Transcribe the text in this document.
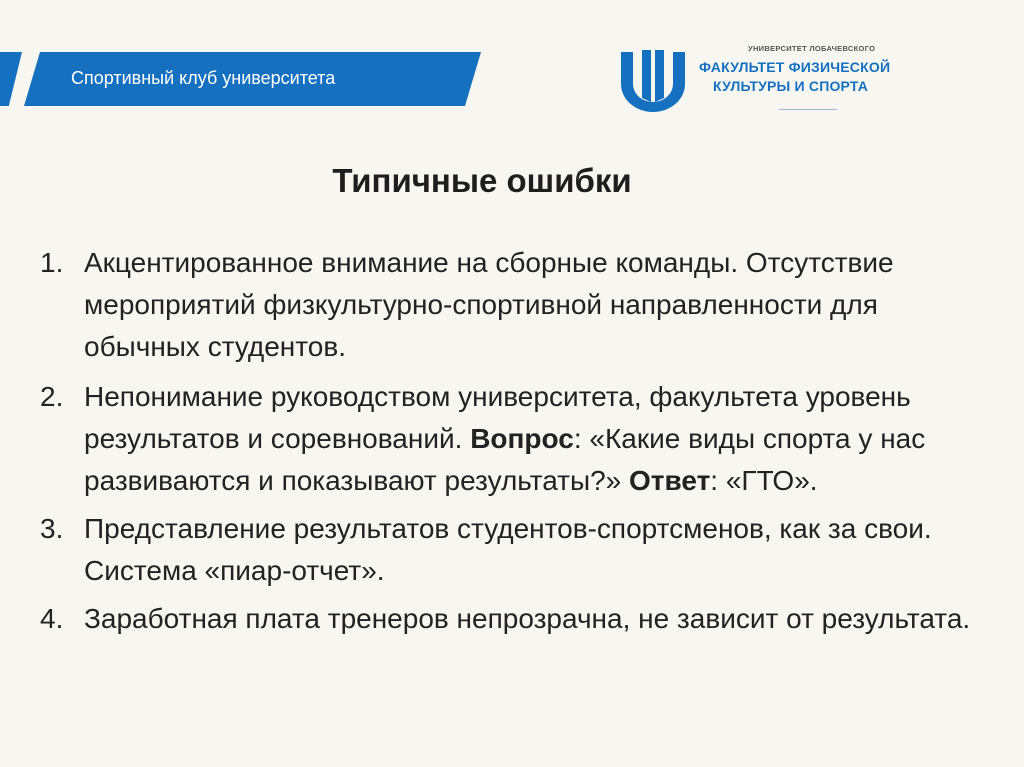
Спортивный клуб университета
УНИВЕРСИТЕТ ЛОБАЧЕВСКОГО
ФАКУЛЬТЕТ ФИЗИЧЕСКОЙ
КУЛЬТУРЫ И СПОРТА
Типичные ошибки
1. Акцентированное внимание на сборные команды. Отсутствие мероприятий физкультурно-спортивной направленности для обычных студентов.
2. Непонимание руководством университета, факультета уровень результатов и соревнований. Вопрос: «Какие виды спорта у нас развиваются и показывают результаты?» Ответ: «ГТО».
3. Представление результатов студентов-спортсменов, как за свои. Система «пиар-отчет».
4. Заработная плата тренеров непрозрачна, не зависит от результата.
